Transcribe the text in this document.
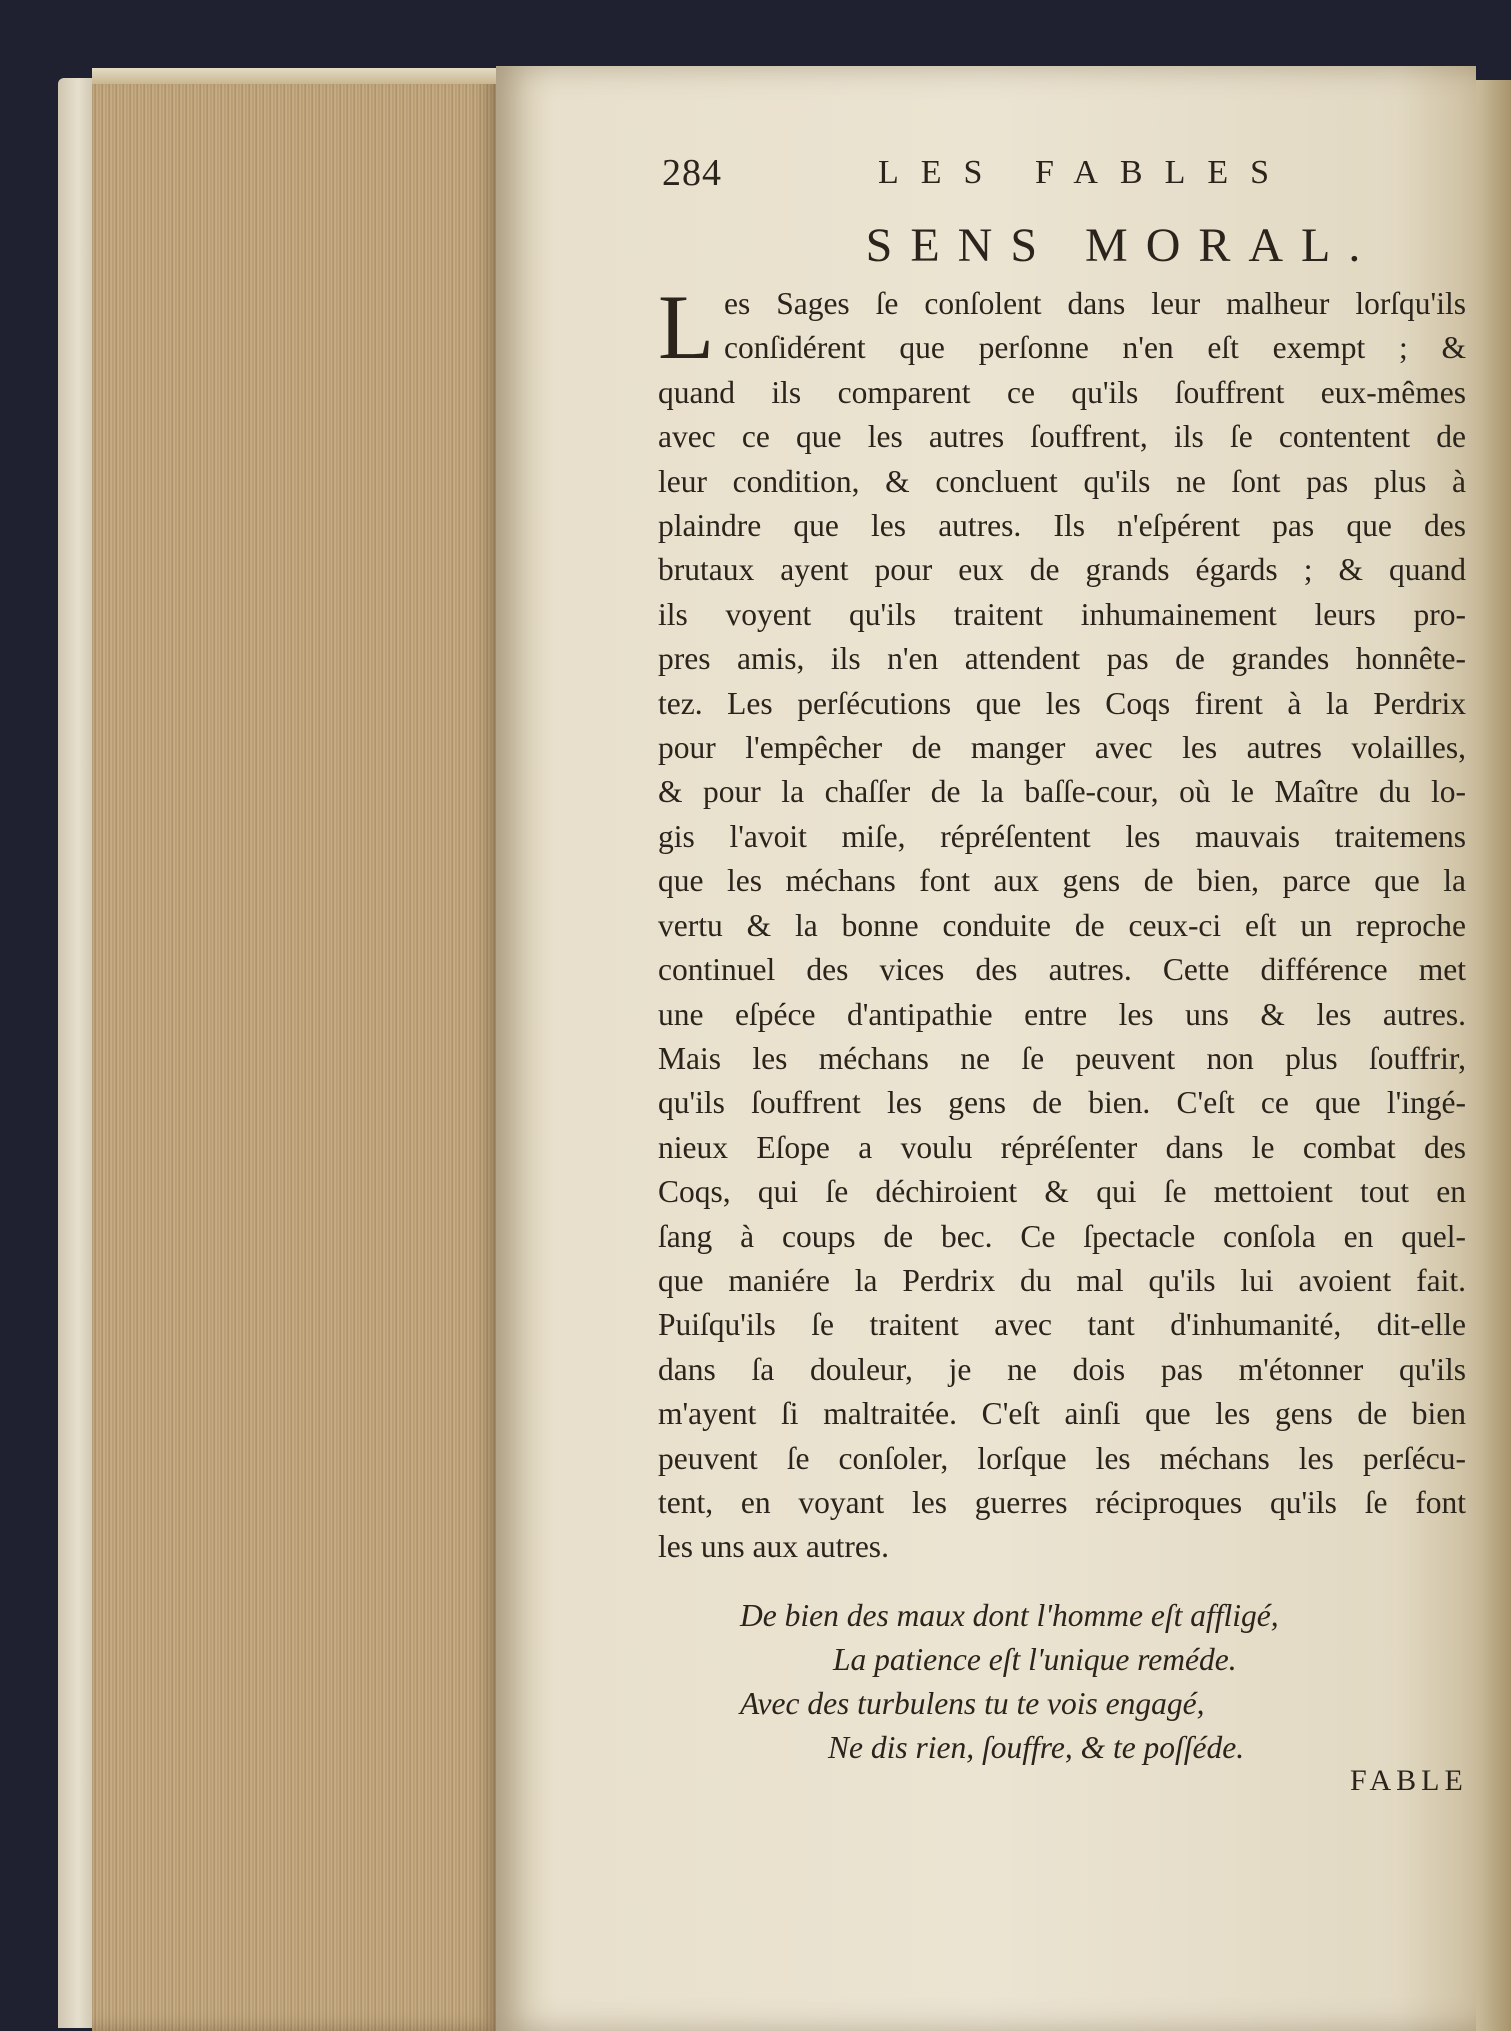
284	LES FABLES
SENS MORAL.
L es Sages ſe conſolent dans leur malheur lorſqu'ils
conſidérent que perſonne n'en eſt exempt ; &
quand ils comparent ce qu'ils ſouffrent eux-mêmes
avec ce que les autres ſouffrent, ils ſe contentent de
leur condition, & concluent qu'ils ne ſont pas plus à
plaindre que les autres. Ils n'eſpérent pas que des
brutaux ayent pour eux de grands égards ; & quand
ils voyent qu'ils traitent inhumainement leurs pro-
pres amis, ils n'en attendent pas de grandes honnête-
tez. Les perſécutions que les Coqs firent à la Perdrix
pour l'empêcher de manger avec les autres volailles,
& pour la chaſſer de la baſſe-cour, où le Maître du lo-
gis l'avoit miſe, répréſentent les mauvais traitemens
que les méchans font aux gens de bien, parce que la
vertu & la bonne conduite de ceux-ci eſt un reproche
continuel des vices des autres. Cette différence met
une eſpéce d'antipathie entre les uns & les autres.
Mais les méchans ne ſe peuvent non plus ſouffrir,
qu'ils ſouffrent les gens de bien. C'eſt ce que l'ingé-
nieux Eſope a voulu répréſenter dans le combat des
Coqs, qui ſe déchiroient & qui ſe mettoient tout en
ſang à coups de bec. Ce ſpectacle conſola en quel-
que maniére la Perdrix du mal qu'ils lui avoient fait.
Puiſqu'ils ſe traitent avec tant d'inhumanité, dit-elle
dans ſa douleur, je ne dois pas m'étonner qu'ils
m'ayent ſi maltraitée. C'eſt ainſi que les gens de bien
peuvent ſe conſoler, lorſque les méchans les perſécu-
tent, en voyant les guerres réciproques qu'ils ſe font
les uns aux autres.
De bien des maux dont l'homme eſt affligé,
La patience eſt l'unique reméde.
Avec des turbulens tu te vois engagé,
Ne dis rien, ſouffre, & te poſſéde.
FABLE
